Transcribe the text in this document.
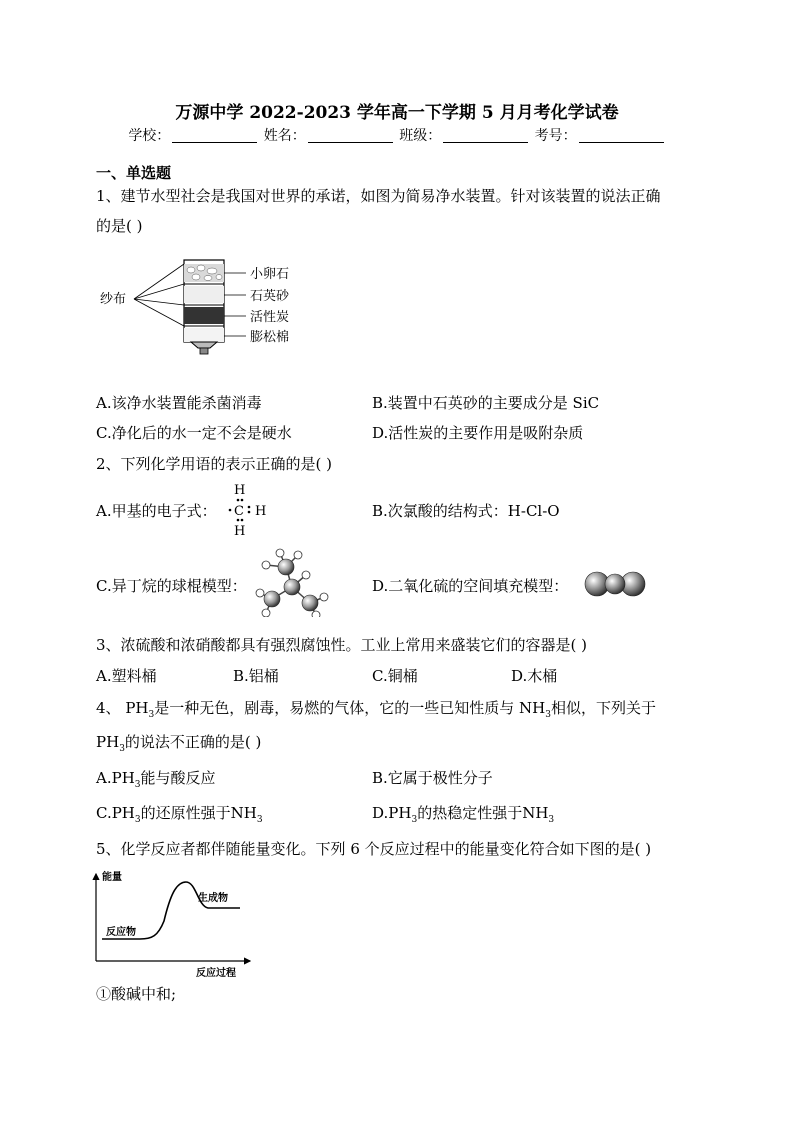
万源中学 2022-2023 学年高一下学期 5 月月考化学试卷
学校：	姓名：	班级：	考号：
一、单选题
1、建节水型社会是我国对世界的承诺，如图为简易净水装置。针对该装置的说法正确
的是( )
纱布
小卵石
石英砂
活性炭
膨松棉
A.该净水装置能杀菌消毒	B.装置中石英砂的主要成分是 SiC
C.净化后的水一定不会是硬水	D.活性炭的主要作用是吸附杂质
2、下列化学用语的表示正确的是( )
A.甲基的电子式：
H
C H
H
B.次氯酸的结构式：H-Cl-O
C.异丁烷的球棍模型：	D.二氧化硫的空间填充模型：
3、浓硫酸和浓硝酸都具有强烈腐蚀性。工业上常用来盛装它们的容器是( )
A.塑料桶	B.铝桶	C.铜桶	D.木桶
4、 $PH_3$是一种无色，剧毒，易燃的气体，它的一些已知性质与 $NH_3$相似，下列关于
$PH_3$的说法不正确的是( )
$A.PH_3$能与酸反应	B.它属于极性分子
$C.PH_3$的还原性强于$NH_3$	$D.PH_3$的热稳定性强于$NH_3$
5、化学反应者都伴随能量变化。下列 6 个反应过程中的能量变化符合如下图的是( )
能量
反应过程
反应物
生成物
①酸碱中和;
